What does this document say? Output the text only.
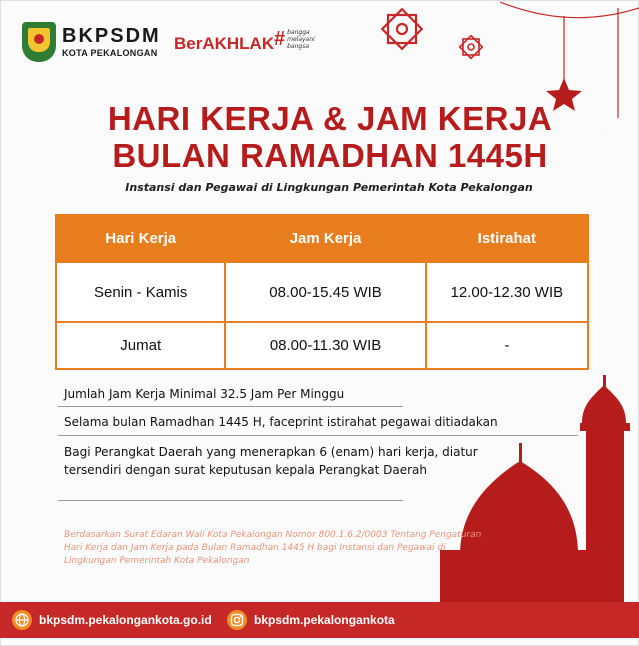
BKPSDM
KOTA PEKALONGAN BerAKHLAK # bangga
melayani
bangsa
HARI KERJA & JAM KERJA
BULAN RAMADHAN 1445H
Instansi dan Pegawai di Lingkungan Pemerintah Kota Pekalongan
Hari Kerja	Jam Kerja	Istirahat
Senin - Kamis	08.00-15.45 WIB	12.00-12.30 WIB
Jumat	08.00-11.30 WIB	-
Jumlah Jam Kerja Minimal 32.5 Jam Per Minggu
Selama bulan Ramadhan 1445 H, faceprint istirahat pegawai ditiadakan
Bagi Perangkat Daerah yang menerapkan 6 (enam) hari kerja, diatur tersendiri dengan surat keputusan kepala Perangkat Daerah
Berdasarkan Surat Edaran Wali Kota Pekalongan Nomor 800.1.6.2/0003 Tentang Pengaturan Hari Kerja dan Jam Kerja pada Bulan Ramadhan 1445 H bagi Instansi dan Pegawai di Lingkungan Pemerintah Kota Pekalongan
bkpsdm.pekalongankota.go.id	bkpsdm.pekalongankota
